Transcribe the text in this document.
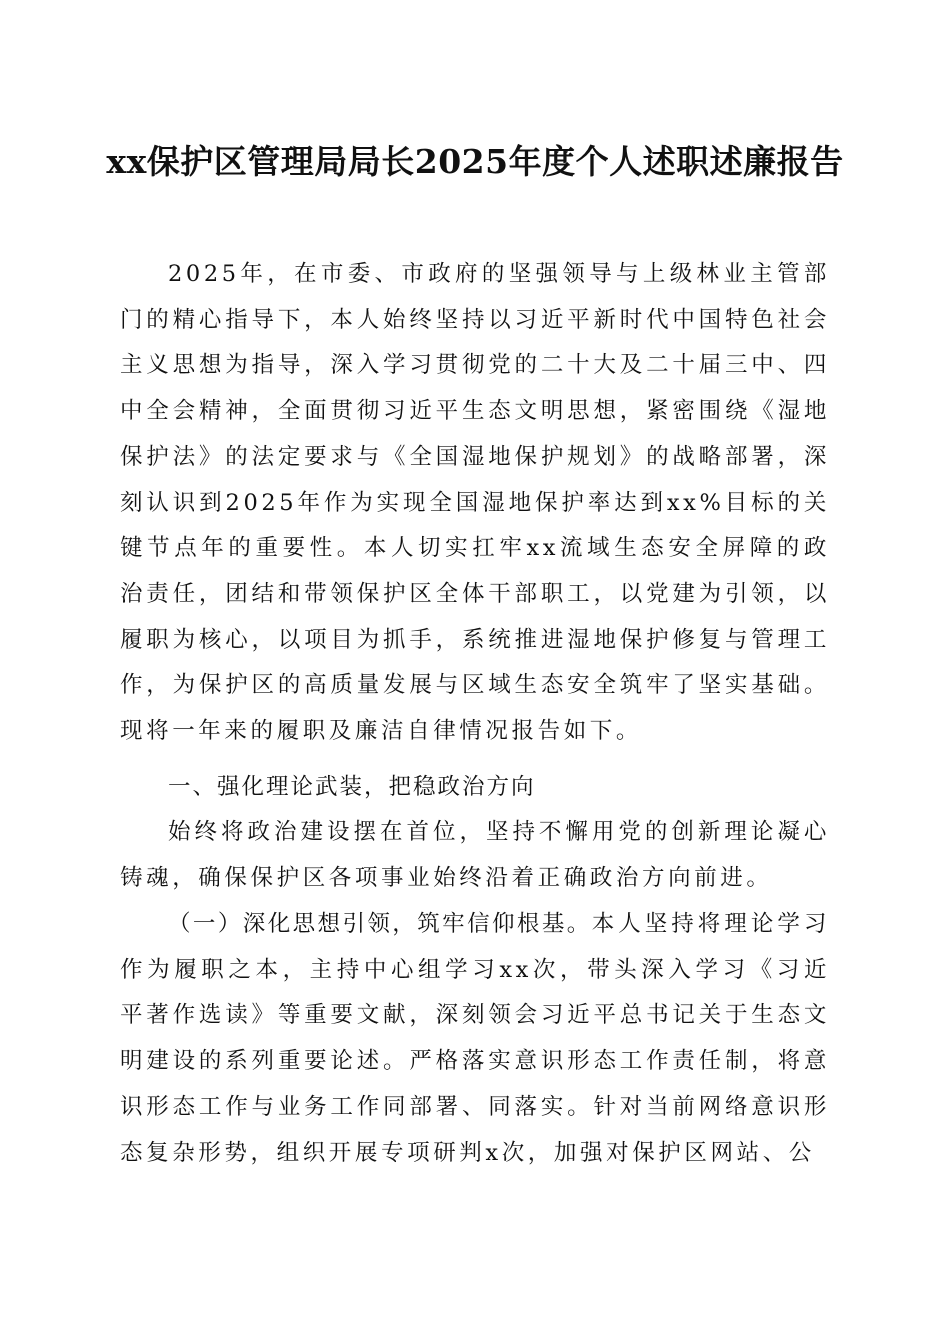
xx保护区管理局局长2025年度个人述职述廉报告

2025年，在市委、市政府的坚强领导与上级林业主管部门的精心指导下，本人始终坚持以习近平新时代中国特色社会主义思想为指导，深入学习贯彻党的二十大及二十届三中、四中全会精神，全面贯彻习近平生态文明思想，紧密围绕《湿地保护法》的法定要求与《全国湿地保护规划》的战略部署，深刻认识到2025年作为实现全国湿地保护率达到xx%目标的关键节点年的重要性。本人切实扛牢xx流域生态安全屏障的政治责任，团结和带领保护区全体干部职工，以党建为引领，以履职为核心，以项目为抓手，系统推进湿地保护修复与管理工作，为保护区的高质量发展与区域生态安全筑牢了坚实基础。现将一年来的履职及廉洁自律情况报告如下。

一、强化理论武装，把稳政治方向

始终将政治建设摆在首位，坚持不懈用党的创新理论凝心铸魂，确保保护区各项事业始终沿着正确政治方向前进。

（一）深化思想引领，筑牢信仰根基。本人坚持将理论学习作为履职之本，主持中心组学习xx次，带头深入学习《习近平著作选读》等重要文献，深刻领会习近平总书记关于生态文明建设的系列重要论述。严格落实意识形态工作责任制，将意识形态工作与业务工作同部署、同落实。针对当前网络意识形态复杂形势，组织开展专项研判x次，加强对保护区网站、公
